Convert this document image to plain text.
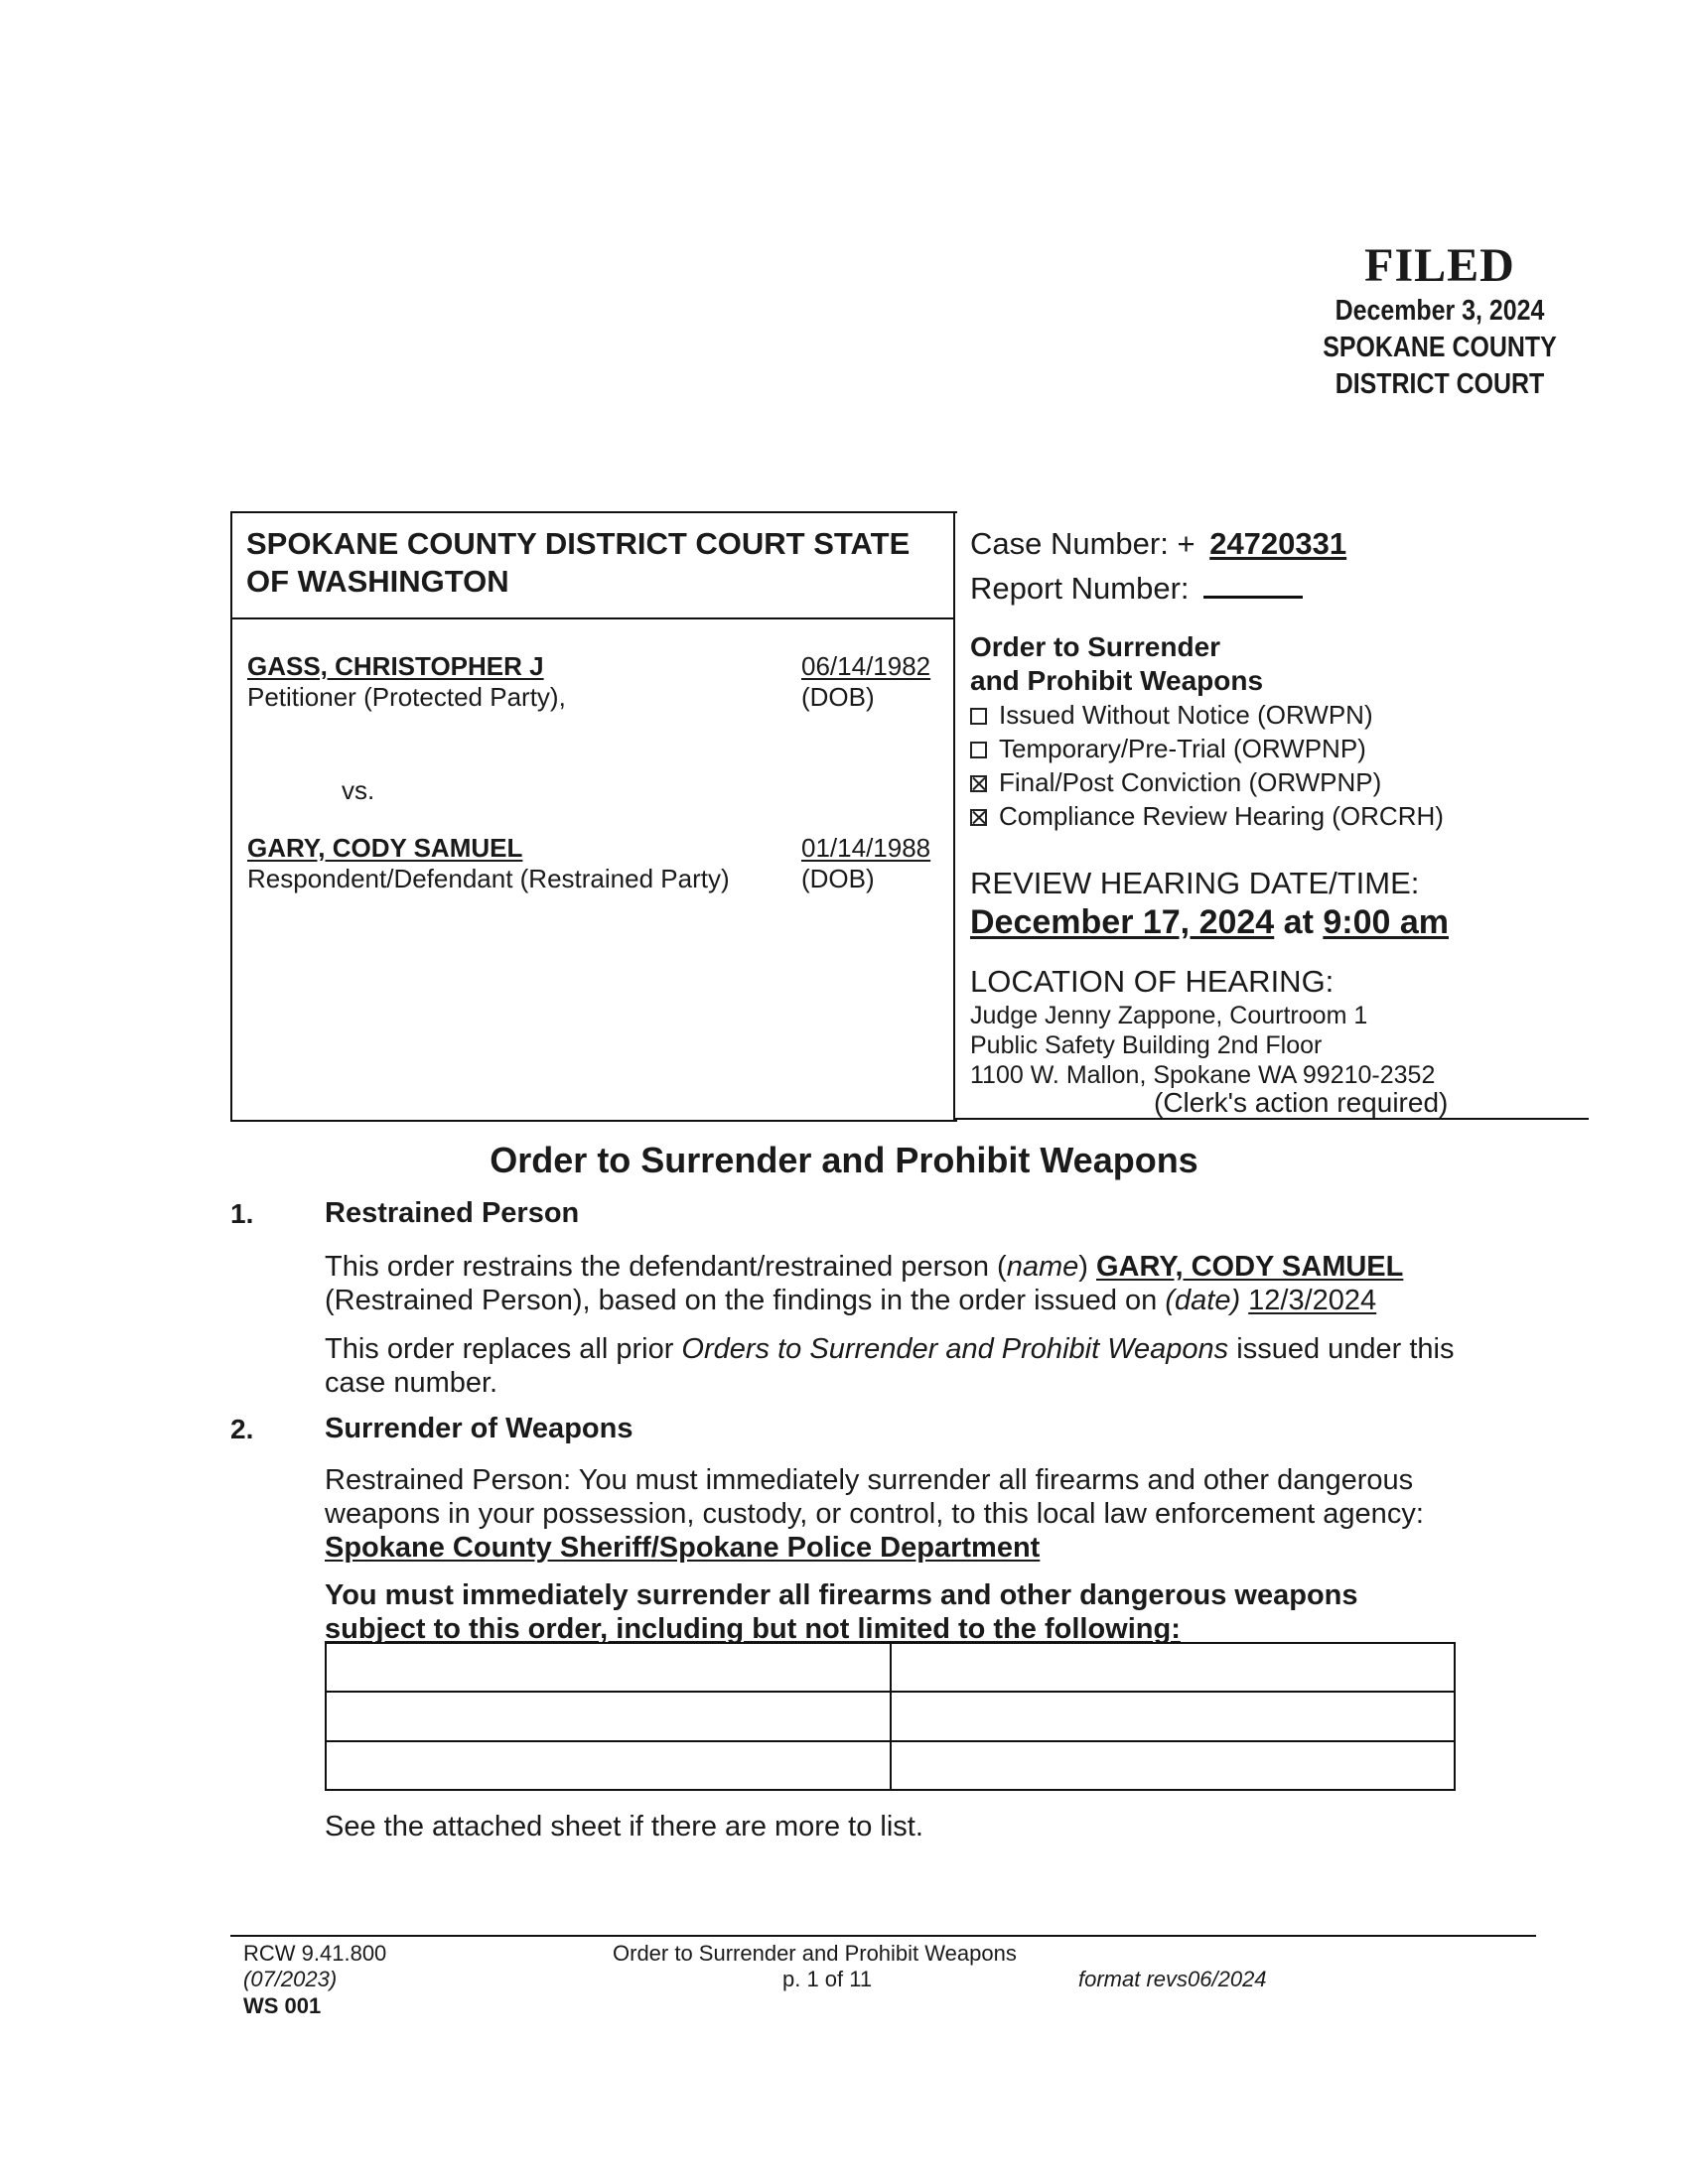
FILED
December 3, 2024
SPOKANE COUNTY
DISTRICT COURT
SPOKANE COUNTY DISTRICT COURT STATE OF WASHINGTON
GASS, CHRISTOPHER J
Petitioner (Protected Party),
06/14/1982
(DOB)
vs.
GARY, CODY SAMUEL
Respondent/Defendant (Restrained Party)
01/14/1988
(DOB)
Case Number: + 24720331
Report Number:
Order to Surrender
and Prohibit Weapons
Issued Without Notice (ORWPN)
Temporary/Pre-Trial (ORWPNP)
Final/Post Conviction (ORWPNP)
Compliance Review Hearing (ORCRH)
REVIEW HEARING DATE/TIME:
December 17, 2024 at 9:00 am
LOCATION OF HEARING:
Judge Jenny Zappone, Courtroom 1
Public Safety Building 2nd Floor
1100 W. Mallon, Spokane WA 99210-2352
(Clerk's action required)
Order to Surrender and Prohibit Weapons
1. Restrained Person
This order restrains the defendant/restrained person (name) GARY, CODY SAMUEL
(Restrained Person), based on the findings in the order issued on (date) 12/3/2024
This order replaces all prior Orders to Surrender and Prohibit Weapons issued under this
case number.
2. Surrender of Weapons
Restrained Person: You must immediately surrender all firearms and other dangerous
weapons in your possession, custody, or control, to this local law enforcement agency:
Spokane County Sheriff/Spokane Police Department
You must immediately surrender all firearms and other dangerous weapons
subject to this order, including but not limited to the following:

See the attached sheet if there are more to list.
RCW 9.41.800
(07/2023)
WS 001
Order to Surrender and Prohibit Weapons
p. 1 of 11	format revs06/2024
